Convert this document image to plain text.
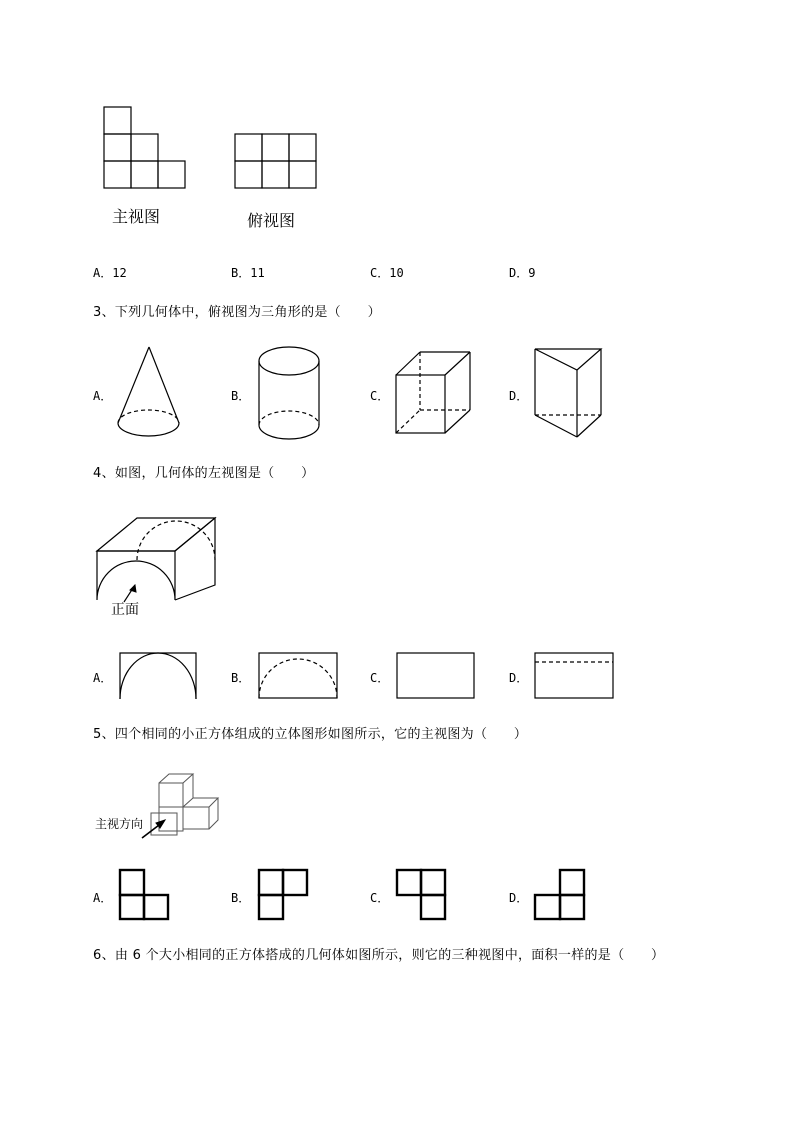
主视图	俯视图
A．12	B．11	C．10	D．9
3、下列几何体中，俯视图为三角形的是（　　）
A．	B．	C．	D．
4、如图，几何体的左视图是（　　）
正面
A．	B．	C．	D．
5、四个相同的小正方体组成的立体图形如图所示，它的主视图为（　　）
主视方向
A．	B．	C．	D．
6、由 6 个大小相同的正方体搭成的几何体如图所示，则它的三种视图中，面积一样的是（　　）
